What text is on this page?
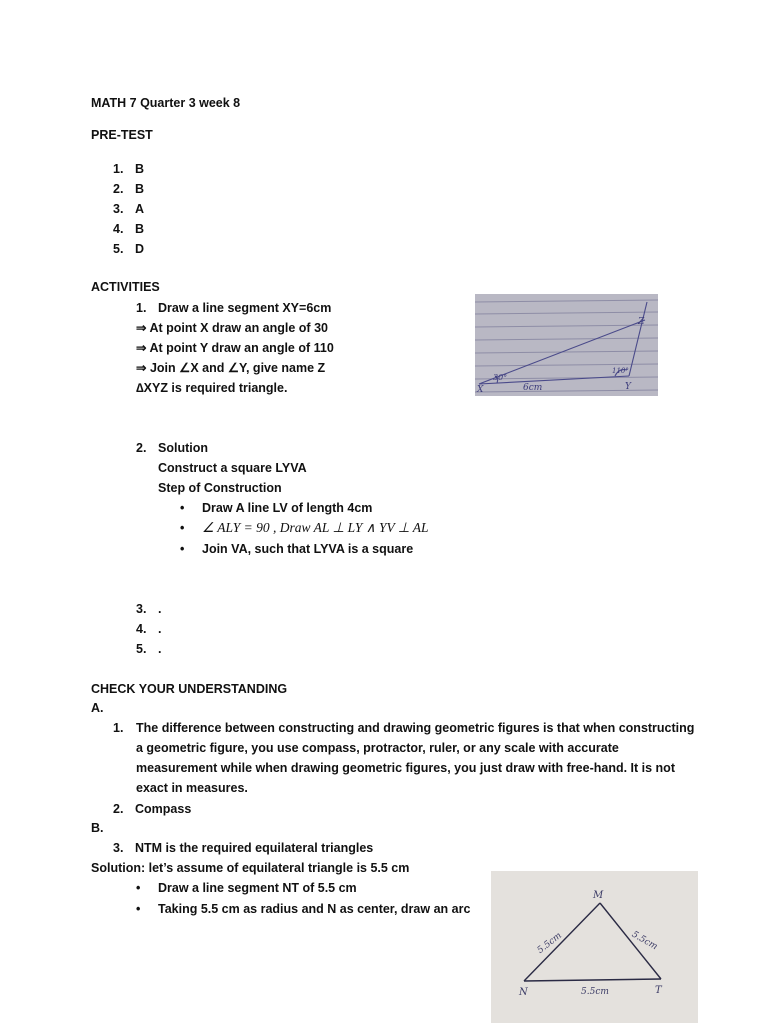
MATH 7 Quarter 3 week 8
PRE-TEST
1. B
2. B
3. A
4. B
5. D
ACTIVITIES
1. Draw a line segment XY=6cm
⇒ At point X draw an angle of 30
⇒ At point Y draw an angle of 110
⇒ Join ∠X and ∠Y, give name Z
∆XYZ is required triangle.	X	Y
Z
30°
110°
6cm
2. Solution
Construct a square LYVA
Step of Construction
• Draw A line LV of length 4cm
• ∠ ALY = 90 , Draw AL ⊥ LY ∧ YV ⊥ AL
• Join VA, such that LYVA is a square
3. .
4. .
5. .
CHECK YOUR UNDERSTANDING
A.
1. The difference between constructing and drawing geometric figures is that when constructing
a geometric figure, you use compass, protractor, ruler, or any scale with accurate
measurement while when drawing geometric figures, you just draw with free-hand. It is not
exact in measures.
2. Compass
B.
3. NTM is the required equilateral triangles
Solution: let’s assume of equilateral triangle is 5.5 cm
• Draw a line segment NT of 5.5 cm
• Taking 5.5 cm as radius and N as center, draw an arc
M
N	T
5.5cm	5.5cm
5.5cm
